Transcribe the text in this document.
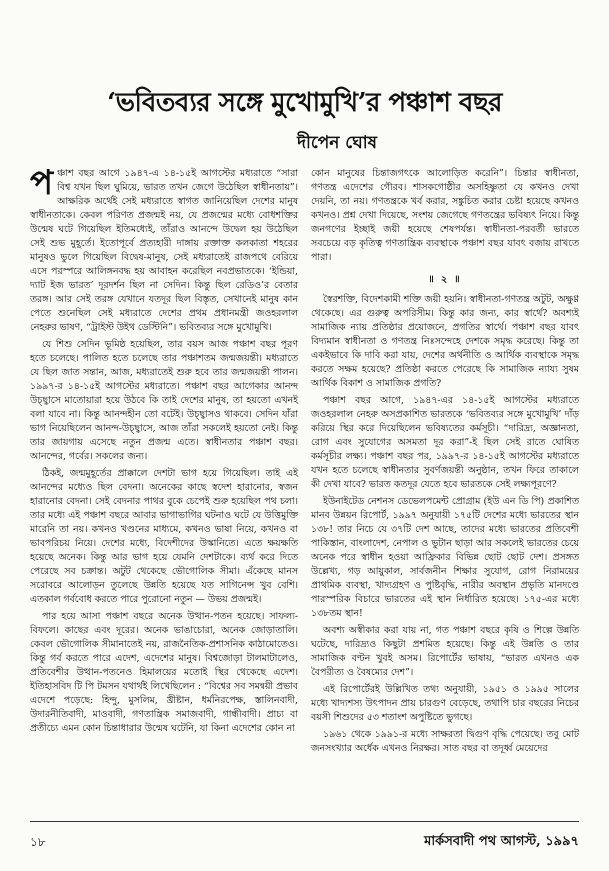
‘ভবিতব্যর সঙ্গে মুখোমুখি’র পঞ্চাশ বছর
দীপেন ঘোষ

প ঞ্চাশ বছর আগে ১৯৪৭-এ ১৪-১৫ই আগস্টের মধ্যরাতে “সারা বিশ্ব যখন ছিল ঘুমিয়ে, ভারত তখন জেগে উঠেছিল স্বাধীনতায়”। আক্ষরিক অর্থেই সেই মধ্যরাতে স্বাগত জানিয়েছিল দেশের মানুষ স্বাধীনতাকে। কেবল পরিণত প্রজন্মই নয়, যে প্রজন্মের মধ্যে বোধশক্তির উন্মেষ ঘটে গিয়েছিল ইতিমধ্যেই, তাঁরাও আনন্দে উদ্বেল হয় উঠেছিল সেই শুভ মুহূর্তে। ইতোপূর্বে প্রত্যহারী দাঙ্গায় রক্তাক্ত কলকাতা শহরের মানুষও ভুলে গিয়েছিল বিদ্বেষ-মানুষ, সেই মধ্যরাতেই রাজপথে বেরিয়ে এসে পরস্পরে আলিঙ্গনবদ্ধ হয় আবাহন করেছিল নবপ্রভাতকে। ‘ইন্ডিয়া, দ্যাট ইজ ভারত’ দূরদর্শন ছিল না সেদিন। কিন্তু ছিল রেডিও’র বেতার তরঙ্গ। আর সেই তরঙ্গ যেখানে যতদূর ছিল বিস্তৃত, সেখানেই মানুষ কান পেতে শুনেছিল সেই মধ্যরাতে দেশের প্রথম প্রধানমন্ত্রী জওহরলাল নেহরুর ভাষণ, “ট্রাইস্ট উইথ ডেস্টিনি”। ভবিতব্যর সঙ্গে মুখোমুখি।

যে শিশু সেদিন ভূমিষ্ঠ হয়েছিল, তার বয়স আজ পঞ্চাশ বছর পূরণ হতে চলেছে। পালিত হতে চলেছে তার পঞ্চাশতম জন্মজয়ন্তী। মধ্যরাতে যে ছিল জাত সন্তান, আজ, মধ্যরাতেই শুরু হবে তার জন্মজয়ন্তী পালন। ১৯৯৭-র ১৪-১৫ই আগস্টের মধ্যরাতে। পঞ্চাশ বছর আগেকার আনন্দ উচ্ছ্বাসে মাতোয়ারা হয়ে উঠবে কি তাই দেশের মানুষ, তা হয়তো এখনই বলা যাবে না। কিন্তু আনন্দহীন তো বটেই। উচ্ছ্বাসও থাকবে। সেদিন যাঁরা ভাগ নিয়েছিলেন আনন্দ-উচ্ছ্বাসে, আজ তাঁরা সকলেই হয়তো নেই। কিন্তু তার জায়গায় এসেছে নতুন প্রজন্ম এতে। স্বাধীনতার পঞ্চাশ বছর। আনন্দের, গর্বের। সকলের জন্য।

ঠিকই, জন্মমুহূর্তের প্রাক্কালে দেশটা ভাগ হয়ে গিয়েছিল। তাই এই আনন্দের মধ্যেও ছিল বেদনা। অনেকের কাছে স্বদেশ হারানোর, স্বজন হারানোর বেদনা। সেই বেদনার পাথর বুকে চেপেই শুরু হয়েছিল পথ চলা। তার মধ্যে এই পঞ্চাশ বছরে আবার ভাগাভাগির ঘটনাও ঘটে যে উত্তিমুক্তি মারেনি তা নয়। কখনও খণ্ডনের মাধ্যমে, কখনও ভাষা নিয়ে, কখনও বা ভাবপরিচয় নিয়ে। দেশের মধ্যে, বিদেশীদের উস্কানিতে। এতে ক্ষয়ক্ষতি হয়েছে অনেক। কিন্তু আর ভাগ হয়ে যেমনি দেশটাকে। ব্যর্থ করে দিতে পেরেছে সব চক্রান্ত। অটুট থেকেছে ভৌগোলিক সীমা। এঁকেছে মানস সরোবরে আলোড়ন তুলেছে উন্নতি হয়েছে যত সাগিনেন্স খুব বেশি। এতকাল গর্ববোধ করতে পারে পুরোনো নতুন — উভয় প্রজন্মই।

পার হয়ে আসা পঞ্চাশ বছরে অনেক উত্থান-পতন হয়েছে। সাফল্য-বিফলে। কাছের এবং দূরের। অনেক ভাঙাচোরা, অনেক জোড়াতালি। কেবল ভৌগোলিক সীমানাতেই নয়, রাজনৈতিক-প্রশাসনিক কাঠামোতেও। কিন্তু গর্ব করতে পারে এদেশ, এদেশের মানুষ। বিশ্বজোড়া টালমাটালেও, প্রতিবেশীর উত্থান-পতনেও হিমালয়ের মতোই স্থির থেকেছে এদেশ। ইতিহাসবিদ টি পি টমসন যথার্থই লিখেছিলেন : “বিশ্বের সব সমন্বয়ী প্রভাব এদেশে পড়েছে: হিন্দু, মুসলিম, খ্রীষ্টান, ধর্মনিরপেক্ষ, স্তালিনবাদী, উদারনীতিবাদী, মাওবাদী, গণতান্ত্রিক সমাজবাদী, গান্ধীবাদী। প্রাচ্য বা প্রতীচ্যে এমন কোন চিন্তাধারার উন্মেষ ঘটেনি, যা কিনা এদেশের কোন না

কোন মানুষের চিন্তাজগৎকে আলোড়িত করেনি”। চিন্তার স্বাধীনতা, গণতন্ত্র এদেশের গৌরব। শাসকগোষ্ঠীর অসহিষ্ণুতা যে কখনও দেখা দেয়নি, তা নয়। গণতন্ত্রকে খর্ব করার, সঙ্কুচিত করার চেষ্টা হয়েছে কখনও কখনও। প্রশ্ন দেখা দিয়েছে, সংশয় জেগেছে গণতন্ত্রের ভবিষ্যৎ নিয়ে। কিন্তু জনগণের ইচ্ছাই জয়ী হয়েছে শেষপর্যন্ত। স্বাধীনতা-পরবর্তী ভারতে সবচেয়ে বড় কৃতিত্ব গণতান্ত্রিক ব্যবস্থাকে পঞ্চাশ বছর যাবৎ বজায় রাখতে পারা।

॥ ২ ॥

স্বৈরশক্তি, বিদেশকামী শক্তি জয়ী হয়নি। স্বাধীনতা-গণতন্ত্র অটুট, অক্ষুণ্ণ থেকেছে। এর গুরুত্ব অপরিসীম। কিন্তু কার জন্য, কার স্বার্থে? অবশ্যই সামাজিক ন্যায় প্রতিষ্ঠার প্রয়োজনে, প্রগতির স্বার্থে। পঞ্চাশ বছর যাবৎ বিদ্যমান স্বাধীনতা ও গণতন্ত্র নিঃসন্দেহে দেশকে সমৃদ্ধ করেছে। কিন্তু তা একইভাবে কি দাবি করা যায়, দেশের অর্থনীতি ও আর্থিক ব্যবস্থাকে সমৃদ্ধ করতে সক্ষম হয়েছে? প্রতিষ্ঠা করতে পেরেছে কি সামাজিক ন্যায্য সুষম আর্থিক বিকাশ ও সামাজিক প্রগতি?

পঞ্চাশ বছর আগে, ১৯৪৭-এর ১৪-১৫ই আগস্টের মধ্যরাতে জওহরলাল নেহরু অসপ্রকাশিত ভারতকে ‘ভবিতব্যর সঙ্গে মুখোমুখি’ দাঁড় করিয়ে স্থির করে দিয়েছিলেন ভবিষ্যতের কর্মসূচী। “দারিদ্র্য, অজ্ঞানতা, রোগ এবং সুযোগের অসমতা দূর করা”-ই ছিল সেই রাতে ঘোষিত কর্মসূচীর লক্ষ্য। পঞ্চাশ বছর পর, ১৯৯৭-র ১৪-১৫ই আগস্টের মধ্যরাতে যখন হতে চলেছে স্বাধীনতার সুবর্ণজয়ন্তী অনুষ্ঠান, তখন ফিরে তাকালে কী দেখা যাবে? ভারত কতদূর যেতে হবে ভারতকে সেই লক্ষ্যপূরণে?

ইউনাইটেড নেশনস ডেভেলপমেন্ট প্রোগ্রাম (ইউ এন ডি পি) প্রকাশিত মানব উন্নয়ন রিপোর্ট, ১৯৯৭ অনুযায়ী ১৭৫টি দেশের মধ্যে ভারতের স্থান ১৩৮! তার নিচে যে ৩৭টি দেশ আছে, তাদের মধ্যে ভারতের প্রতিবেশী পাকিস্তান, বাংলাদেশ, নেপাল ও ভুটান ছাড়া আর সকলেই ভারতের চেয়ে অনেক পরে স্বাধীন হওয়া আফ্রিকার বিভিন্ন ছোট ছোট দেশ। প্রসঙ্গত উল্লেখ্য, গড় আয়ুকাল, সার্বজনীন শিক্ষার সুযোগ, রোগ নিরাময়ের প্রাথমিক ব্যবস্থা, খাদ্যগ্রহণ ও পুষ্টিবৃদ্ধি, নারীর অবস্থান প্রভৃতি মানদণ্ডে পারস্পরিক বিচারে ভারতের এই স্থান নির্ধারিত হয়েছে। ১৭৫-এর মধ্যে ১৩৮তম স্থান!

অবশ্য অস্বীকার করা যায় না, গত পঞ্চাশ বছরে কৃষি ও শিল্পে উন্নতি ঘটেছে, দারিদ্র্যও কিছুটা প্রশমিত হয়েছে। কিন্তু এই উন্নতি ও তার সামাজিক বণ্টন খুবই অসম। রিপোর্টের ভাষায়, “ভারত এখনও এক বৈপরীত্য ও বৈষম্যের দেশ”।

এই রিপোর্টেরই উল্লিখিত তথ্য অনুযায়ী, ১৯৫১ ও ১৯৯৫ সালের মধ্যে খাদ্যশস্য উৎপাদন প্রায় চারগুণ বেড়েছে, তথাপি চার বছরের নিচের বয়সী শিশুদের ৫৩ শতাংশ অপুষ্টিতে ভুগছে।

১৯৬১ থেকে ১৯৯১-র মধ্যে সাক্ষরতা দ্বিগুণ বৃদ্ধি পেয়েছে। তবু মোট জনসংখ্যার অর্ধেক এখনও নিরক্ষর। সাত বছর বা তদূর্ধ্ব মেয়েদের

১৮	মার্কসবাদী পথ আগস্ট, ১৯৯৭
